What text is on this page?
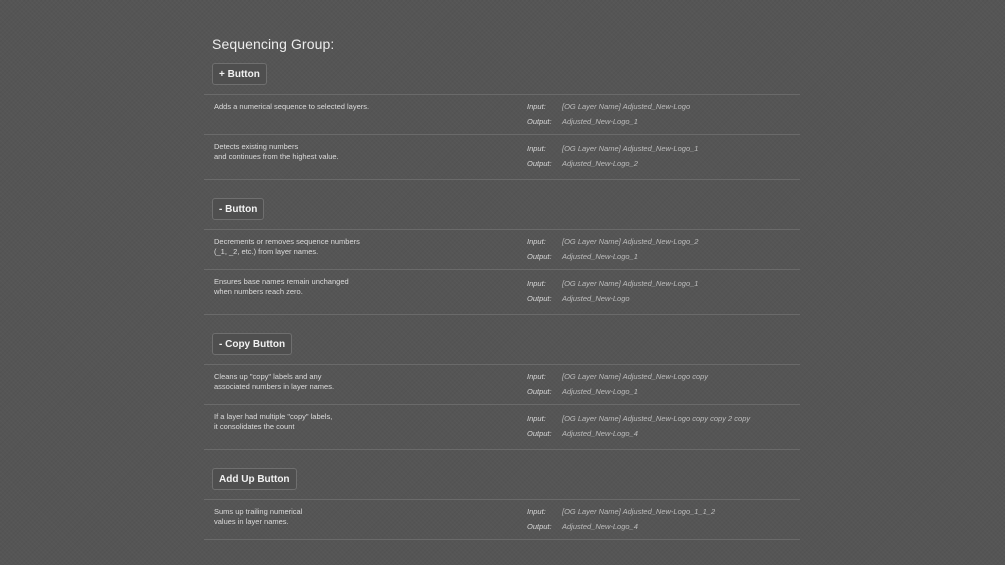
Sequencing Group:
+ Button
Adds a numerical sequence to selected layers.	Input: [OG Layer Name] Adjusted_New-Logo
Output: Adjusted_New-Logo_1
Detects existing numbers
and continues from the highest value.
Input: [OG Layer Name] Adjusted_New-Logo_1
Output: Adjusted_New-Logo_2
- Button
Decrements or removes sequence numbers
(_1, _2, etc.) from layer names.
Input: [OG Layer Name] Adjusted_New-Logo_2
Output: Adjusted_New-Logo_1
Ensures base names remain unchanged
when numbers reach zero.
Input: [OG Layer Name] Adjusted_New-Logo_1
Output: Adjusted_New-Logo
- Copy Button
Cleans up "copy" labels and any
associated numbers in layer names.
Input: [OG Layer Name] Adjusted_New-Logo copy
Output: Adjusted_New-Logo_1
If a layer had multiple "copy" labels,
it consolidates the count
Input: [OG Layer Name] Adjusted_New-Logo copy copy 2 copy
Output: Adjusted_New-Logo_4
Add Up Button
Sums up trailing numerical
values in layer names.
Input: [OG Layer Name] Adjusted_New-Logo_1_1_2
Output: Adjusted_New-Logo_4
